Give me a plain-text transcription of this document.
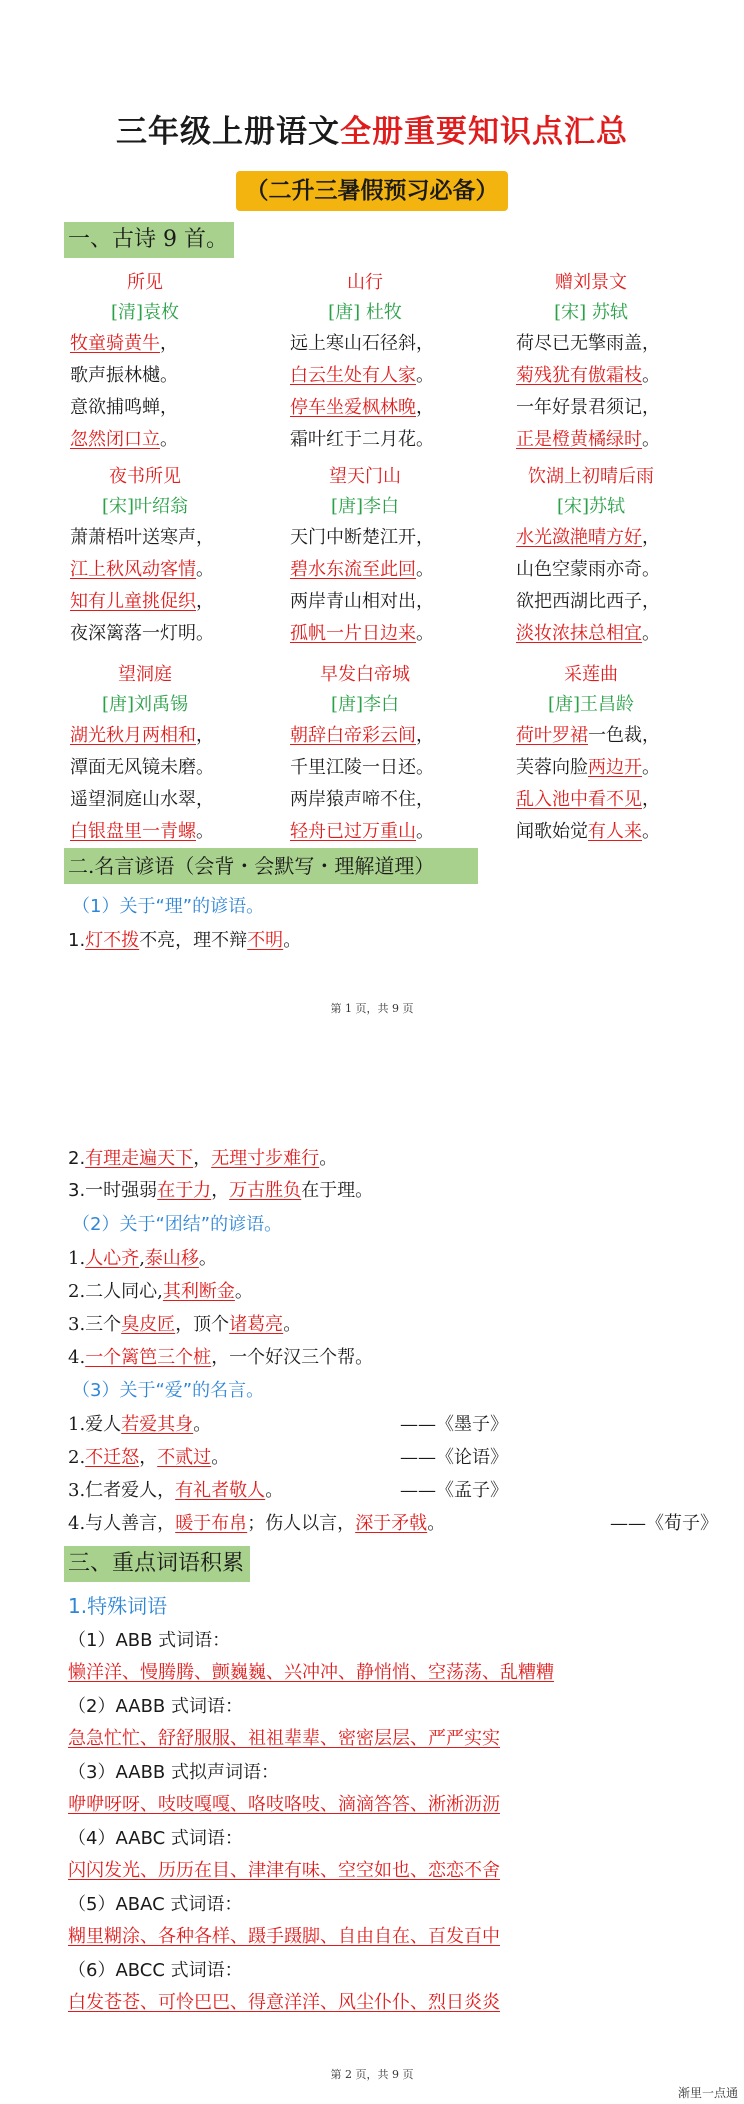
三年级上册语文全册重要知识点汇总
（二升三暑假预习必备）
一、古诗 9 首。
所见
[清]袁枚
牧童骑黄牛，
歌声振林樾。
意欲捕鸣蝉，
忽然闭口立。
山行
[唐] 杜牧
远上寒山石径斜，
白云生处有人家。
停车坐爱枫林晚，
霜叶红于二月花。
赠刘景文
[宋] 苏轼
荷尽已无擎雨盖，
菊残犹有傲霜枝。
一年好景君须记，
正是橙黄橘绿时。
夜书所见
[宋]叶绍翁
萧萧梧叶送寒声，
江上秋风动客情。
知有儿童挑促织，
夜深篱落一灯明。
望天门山
[唐]李白
天门中断楚江开，
碧水东流至此回。
两岸青山相对出，
孤帆一片日边来。
饮湖上初晴后雨
[宋]苏轼
水光潋滟晴方好，
山色空蒙雨亦奇。
欲把西湖比西子，
淡妆浓抹总相宜。
望洞庭
[唐]刘禹锡
湖光秋月两相和，
潭面无风镜未磨。
遥望洞庭山水翠，
白银盘里一青螺。
早发白帝城
[唐]李白
朝辞白帝彩云间，
千里江陵一日还。
两岸猿声啼不住，
轻舟已过万重山。
采莲曲
[唐]王昌龄
荷叶罗裙一色裁，
芙蓉向脸两边开。
乱入池中看不见，
闻歌始觉有人来。
二.名言谚语（会背・会默写・理解道理）
（1）关于“理”的谚语。
1.灯不拨不亮，理不辩不明。
第 1 页，共 9 页
2.有理走遍天下，无理寸步难行。
3.一时强弱在于力，万古胜负在于理。
（2）关于“团结”的谚语。
1.人心齐,泰山移。
2.二人同心,其利断金。
3.三个臭皮匠，顶个诸葛亮。
4.一个篱笆三个桩，一个好汉三个帮。
（3）关于“爱”的名言。
1.爱人若爱其身。	——《墨子》
2.不迁怒，不贰过。	——《论语》
3.仁者爱人，有礼者敬人。	——《孟子》
4.与人善言，暖于布帛；伤人以言，深于矛戟。	——《荀子》
三、重点词语积累
1.特殊词语
（1）ABB 式词语：
懒洋洋、慢腾腾、颤巍巍、兴冲冲、静悄悄、空荡荡、乱糟糟
（2）AABB 式词语：
急急忙忙、舒舒服服、祖祖辈辈、密密层层、严严实实
（3）AABB 式拟声词语：
咿咿呀呀、吱吱嘎嘎、咯吱咯吱、滴滴答答、淅淅沥沥
（4）AABC 式词语：
闪闪发光、历历在目、津津有味、空空如也、恋恋不舍
（5）ABAC 式词语：
糊里糊涂、各种各样、蹑手蹑脚、自由自在、百发百中
（6）ABCC 式词语：
白发苍苍、可怜巴巴、得意洋洋、风尘仆仆、烈日炎炎
第 2 页，共 9 页
渐里一点通
